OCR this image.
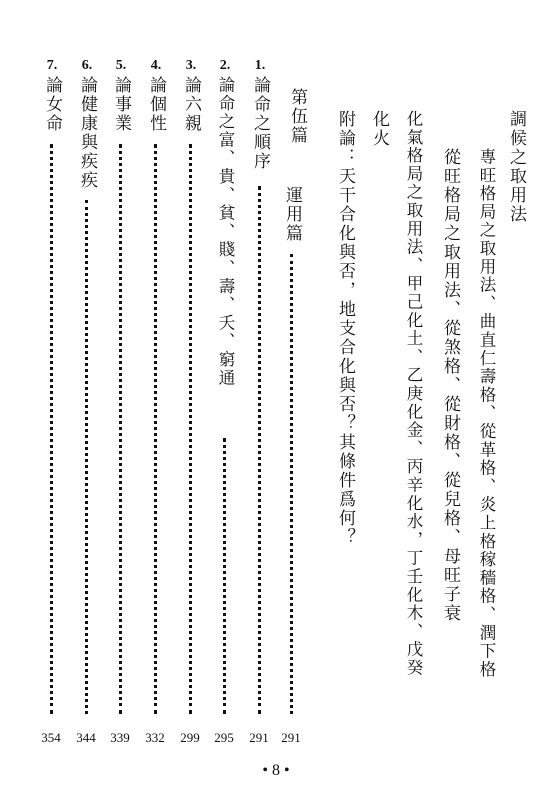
調候之取用法
專旺格局之取用法、曲直仁壽格、從革格、炎上格稼穡格、潤下格
從旺格局之取用法、從煞格、從財格、從兒格、母旺子衰
化氣格局之取用法、甲己化土、乙庚化金、丙辛化水，丁壬化木、戊癸
化火
附論：天干合化與否，地支合化與否？其條件爲何？
第伍篇
運用篇
291
1.
論命之順序
291
2.
論命之富、貴、貧、賤、壽、夭、窮通
295
3.
論六親
299
4.
論個性
332
5.
論事業
339
6.
論健康與疾疾
344
7.
論女命
354
• 8 •
